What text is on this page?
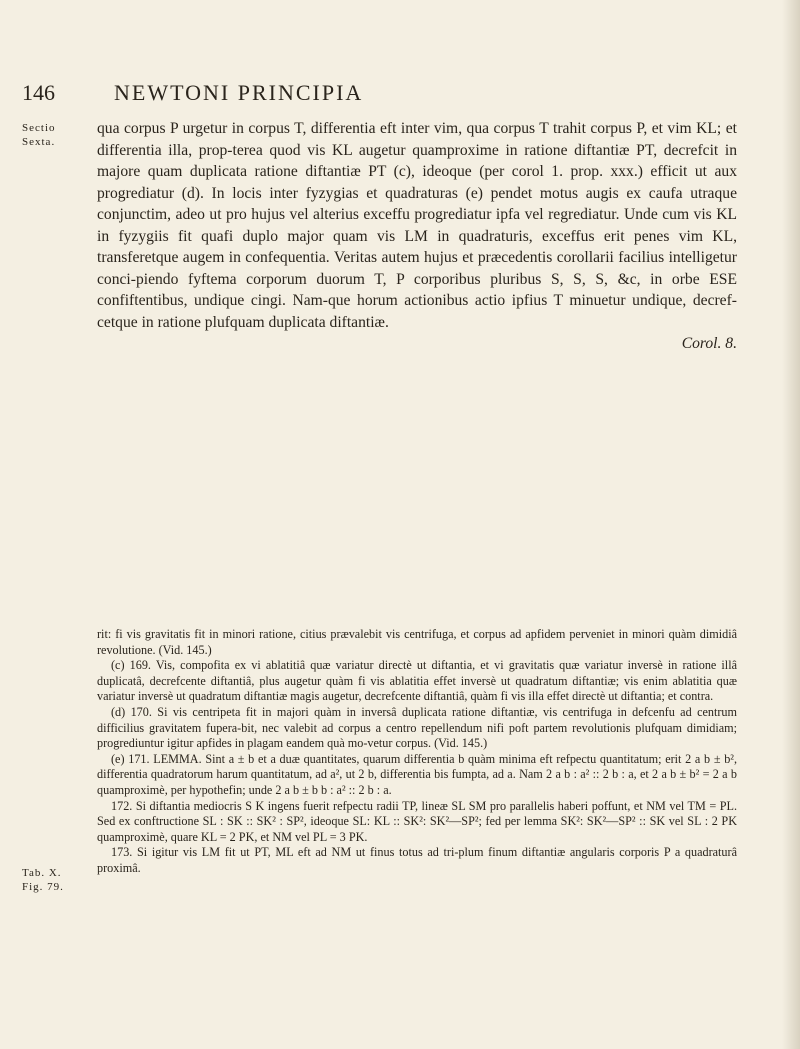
146	NEWTONI PRINCIPIA
Sectio
Sexta.

qua corpus P urgetur in corpus T, differentia eft inter vim, qua corpus T trahit corpus P, et vim KL; et differentia illa, prop-terea quod vis KL augetur quamproxime in ratione diftantiæ PT, decrefcit in majore quam duplicata ratione diftantiæ PT (c), ideoque (per corol 1. prop. xxx.) efficit ut aux progrediatur (d). In locis inter fyzygias et quadraturas (e) pendet motus augis ex caufa utraque conjunctim, adeo ut pro hujus vel alterius exceffu progrediatur ipfa vel regrediatur. Unde cum vis KL in fyzygiis fit quafi duplo major quam vis LM in quadraturis, exceffus erit penes vim KL, transferetque augem in confequentia. Veritas autem hujus et præcedentis corollarii facilius intelligetur conci-piendo fyftema corporum duorum T, P corporibus pluribus S, S, S, &c, in orbe ESE confiftentibus, undique cingi. Nam-que horum actionibus actio ipfius T minuetur undique, decref-cetque in ratione plufquam duplicata diftantiæ.

Corol. 8.

rit: fi vis gravitatis fit in minori ratione, citius prævalebit vis centrifuga, et corpus ad apfidem perveniet in minori quàm dimidiâ revolutione. (Vid. 145.)

(c) 169. Vis, compofita ex vi ablatitiâ quæ variatur directè ut diftantia, et vi gravitatis quæ variatur inversè in ratione illâ duplicatâ, decrefcente diftantiâ, plus augetur quàm fi vis ablatitia effet inversè ut quadratum diftantiæ; vis enim ablatitia quæ variatur inversè ut quadratum diftantiæ magis augetur, decrefcente diftantiâ, quàm fi vis illa effet directè ut diftantia; et contra.

(d) 170. Si vis centripeta fit in majori quàm in inversâ duplicata ratione diftantiæ, vis centrifuga in defcenfu ad centrum difficilius gravitatem fupera-bit, nec valebit ad corpus a centro repellendum nifi poft partem revolutionis plufquam dimidiam; progrediuntur igitur apfides in plagam eandem quà mo-vetur corpus. (Vid. 145.)

(e) 171. LEMMA. Sint a ± b et a duæ quantitates, quarum differentia b quàm minima eft refpectu quantitatum; erit 2 a b ± b², differentia quadratorum harum quantitatum, ad a², ut 2 b, differentia bis fumpta, ad a. Nam 2 a b : a² :: 2 b : a, et 2 a b ± b² = 2 a b quamproximè, per hypothefin; unde 2 a b ± b b : a² :: 2 b : a.

172. Si diftantia mediocris S K ingens fuerit refpectu radii TP, lineæ SL SM pro parallelis haberi poffunt, et NM vel TM = PL. Sed ex conftructione SL : SK :: SK² : SP², ideoque SL: KL :: SK²: SK²—SP²; fed per lemma SK²: SK²—SP² :: SK vel SL : 2 PK quamproximè, quare KL = 2 PK, et NM vel PL = 3 PK.

173. Si igitur vis LM fit ut PT, ML eft ad NM ut finus totus ad tri-plum finum diftantiæ angularis corporis P a quadraturâ proximâ.

Tab. X.
Fig. 79.
